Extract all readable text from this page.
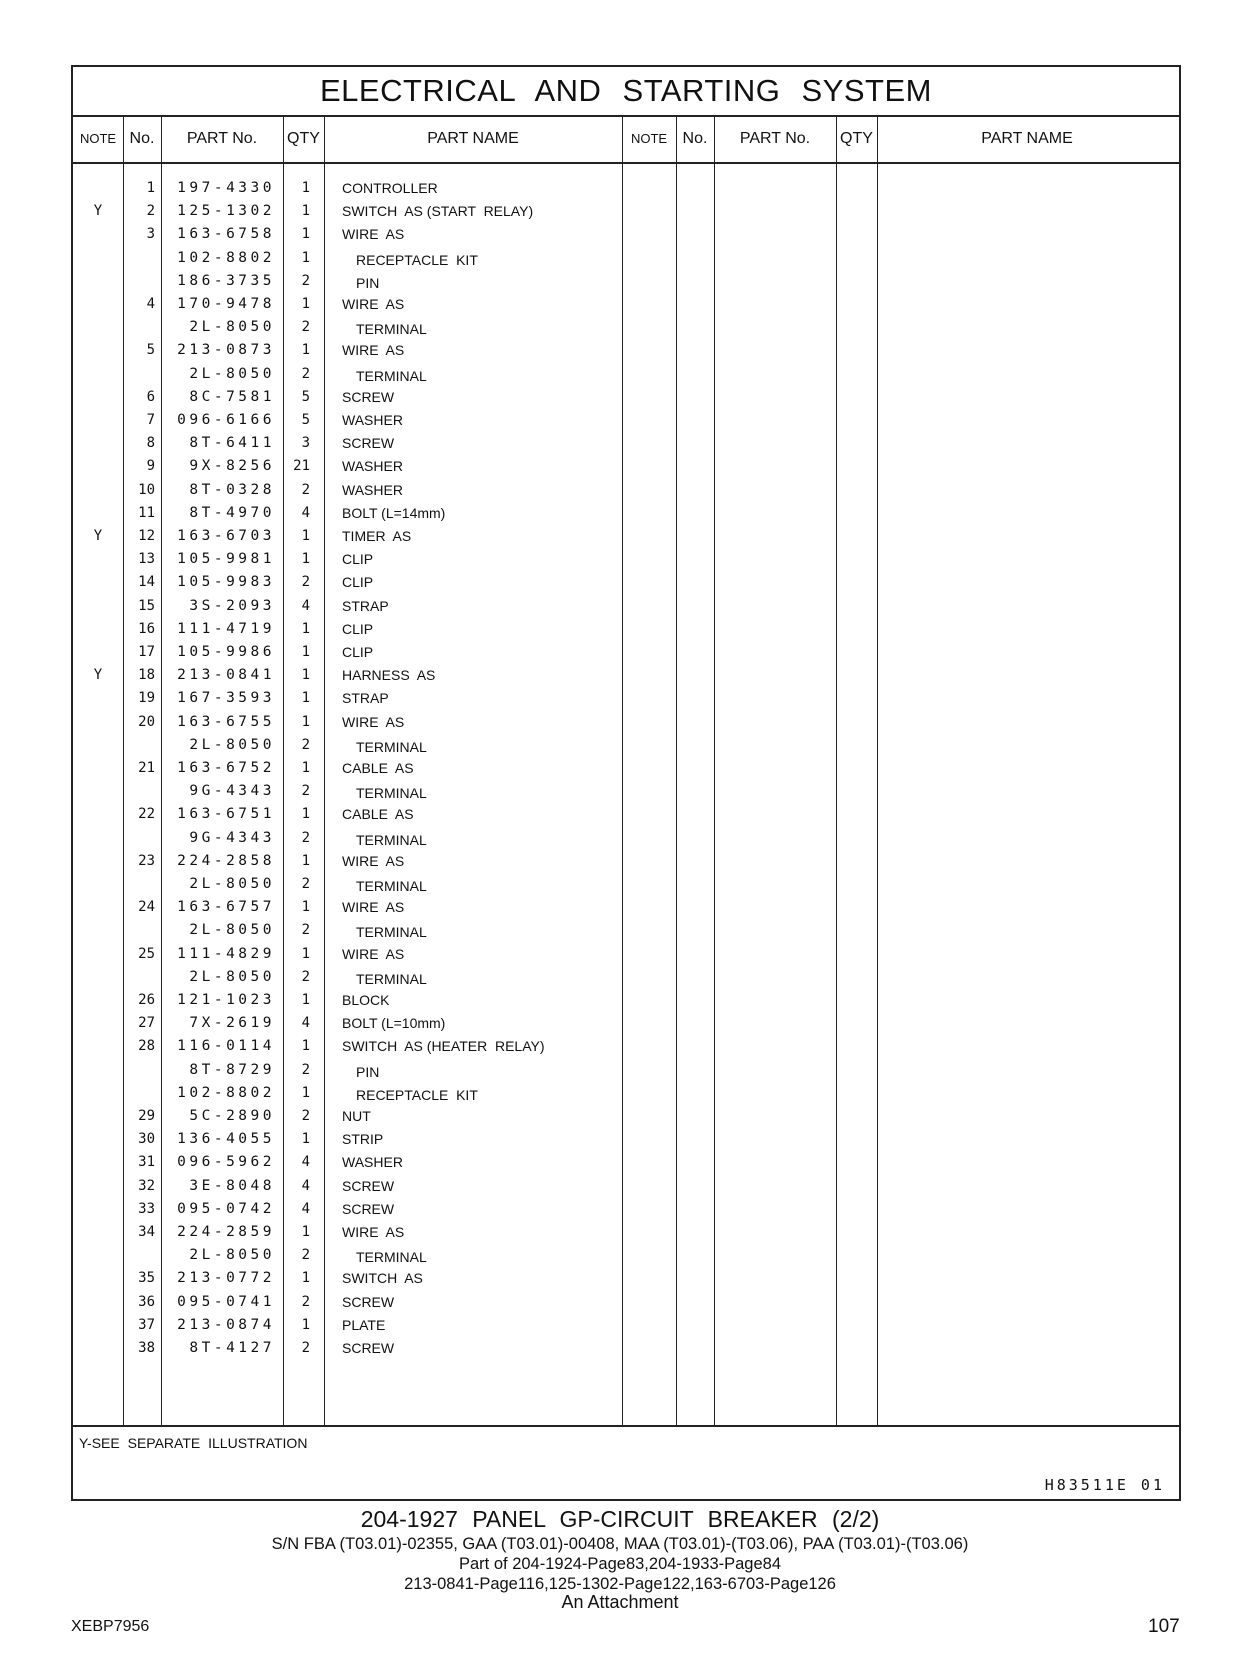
ELECTRICAL AND STARTING SYSTEM
NOTE No.	PART No.	QTY	PART NAME	NOTE No.	PART No.	QTY	PART NAME
1	197-4330	1 CONTROLLER
Y	2	125-1302	1 SWITCH  AS (START  RELAY)
3	163-6758	1 WIRE  AS
102-8802	1	RECEPTACLE  KIT
186-3735	2	PIN
4	170-9478	1 WIRE  AS
2L-8050	2	TERMINAL
5	213-0873	1 WIRE  AS
2L-8050	2	TERMINAL
6	8C-7581	5 SCREW
7	096-6166	5 WASHER
8	8T-6411	3 SCREW
9	9X-8256	21 WASHER
10	8T-0328	2 WASHER
11	8T-4970	4 BOLT (L=14mm)
Y	12	163-6703	1 TIMER  AS
13	105-9981	1 CLIP
14	105-9983	2 CLIP
15	3S-2093	4 STRAP
16	111-4719	1 CLIP
17	105-9986	1 CLIP
Y	18	213-0841	1 HARNESS  AS
19	167-3593	1 STRAP
20	163-6755	1 WIRE  AS
2L-8050	2	TERMINAL
21	163-6752	1 CABLE  AS
9G-4343	2	TERMINAL
22	163-6751	1 CABLE  AS
9G-4343	2	TERMINAL
23	224-2858	1 WIRE  AS
2L-8050	2	TERMINAL
24	163-6757	1 WIRE  AS
2L-8050	2	TERMINAL
25	111-4829	1 WIRE  AS
2L-8050	2	TERMINAL
26	121-1023	1 BLOCK
27	7X-2619	4 BOLT (L=10mm)
28	116-0114	1 SWITCH  AS (HEATER  RELAY)
8T-8729	2	PIN
102-8802	1	RECEPTACLE  KIT
29	5C-2890	2 NUT
30	136-4055	1 STRIP
31	096-5962	4 WASHER
32	3E-8048	4 SCREW
33	095-0742	4 SCREW
34	224-2859	1 WIRE  AS
2L-8050	2	TERMINAL
35	213-0772	1 SWITCH  AS
36	095-0741	2 SCREW
37	213-0874	1 PLATE
38	8T-4127	2 SCREW
Y-SEE SEPARATE ILLUSTRATION
H83511E 01
204-1927 PANEL GP-CIRCUIT BREAKER (2/2)
S/N FBA (T03.01)-02355, GAA (T03.01)-00408, MAA (T03.01)-(T03.06), PAA (T03.01)-(T03.06)
Part of 204-1924-Page83,204-1933-Page84
213-0841-Page116,125-1302-Page122,163-6703-Page126
An Attachment
XEBP7956	107
